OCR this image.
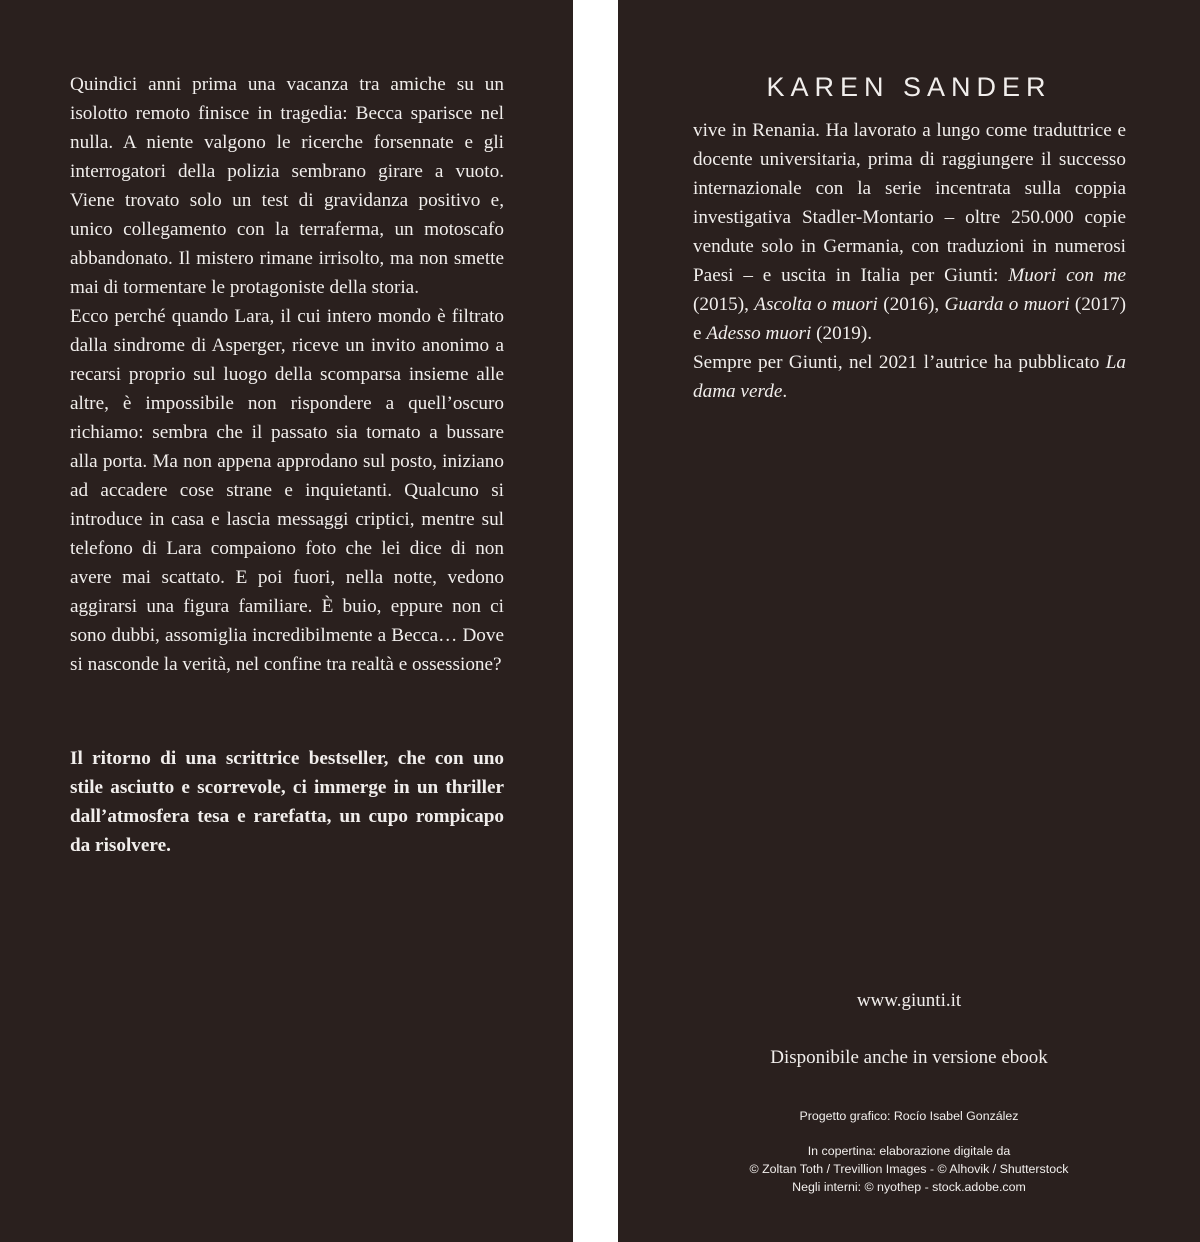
Quindici anni prima una vacanza tra amiche su un isolotto remoto finisce in tragedia: Becca sparisce nel nulla. A niente valgono le ricerche forsennate e gli interrogatori della polizia sembrano girare a vuoto. Viene trovato solo un test di gravidanza positivo e, unico collegamento con la terraferma, un motoscafo abbandonato. Il mistero rimane irrisolto, ma non smette mai di tormentare le protagoniste della storia.

Ecco perché quando Lara, il cui intero mondo è filtrato dalla sindrome di Asperger, riceve un invito anonimo a recarsi proprio sul luogo della scomparsa insieme alle altre, è impossibile non rispondere a quell’oscuro richiamo: sembra che il passato sia tornato a bussare alla porta. Ma non appena approdano sul posto, iniziano ad accadere cose strane e inquietanti. Qualcuno si introduce in casa e lascia messaggi criptici, mentre sul telefono di Lara compaiono foto che lei dice di non avere mai scattato. E poi fuori, nella notte, vedono aggirarsi una figura familiare. È buio, eppure non ci sono dubbi, assomiglia incredibilmente a Becca… Dove si nasconde la verità, nel confine tra realtà e ossessione?

Il ritorno di una scrittrice bestseller, che con uno stile asciutto e scorrevole, ci immerge in un thriller dall’atmosfera tesa e rarefatta, un cupo rompicapo da risolvere.

KAREN SANDER

vive in Renania. Ha lavorato a lungo come traduttrice e docente universitaria, prima di raggiungere il successo internazionale con la serie incentrata sulla coppia investigativa Stadler-Montario – oltre 250.000 copie vendute solo in Germania, con traduzioni in numerosi Paesi – e uscita in Italia per Giunti: Muori con me (2015), Ascolta o muori (2016), Guarda o muori (2017) e Adesso muori (2019).

Sempre per Giunti, nel 2021 l’autrice ha pubblicato La dama verde.

www.giunti.it
Disponibile anche in versione ebook
Progetto grafico: Rocío Isabel González
In copertina: elaborazione digitale da
© Zoltan Toth / Trevillion Images - © Alhovik / Shutterstock
Negli interni: © nyothep - stock.adobe.com
